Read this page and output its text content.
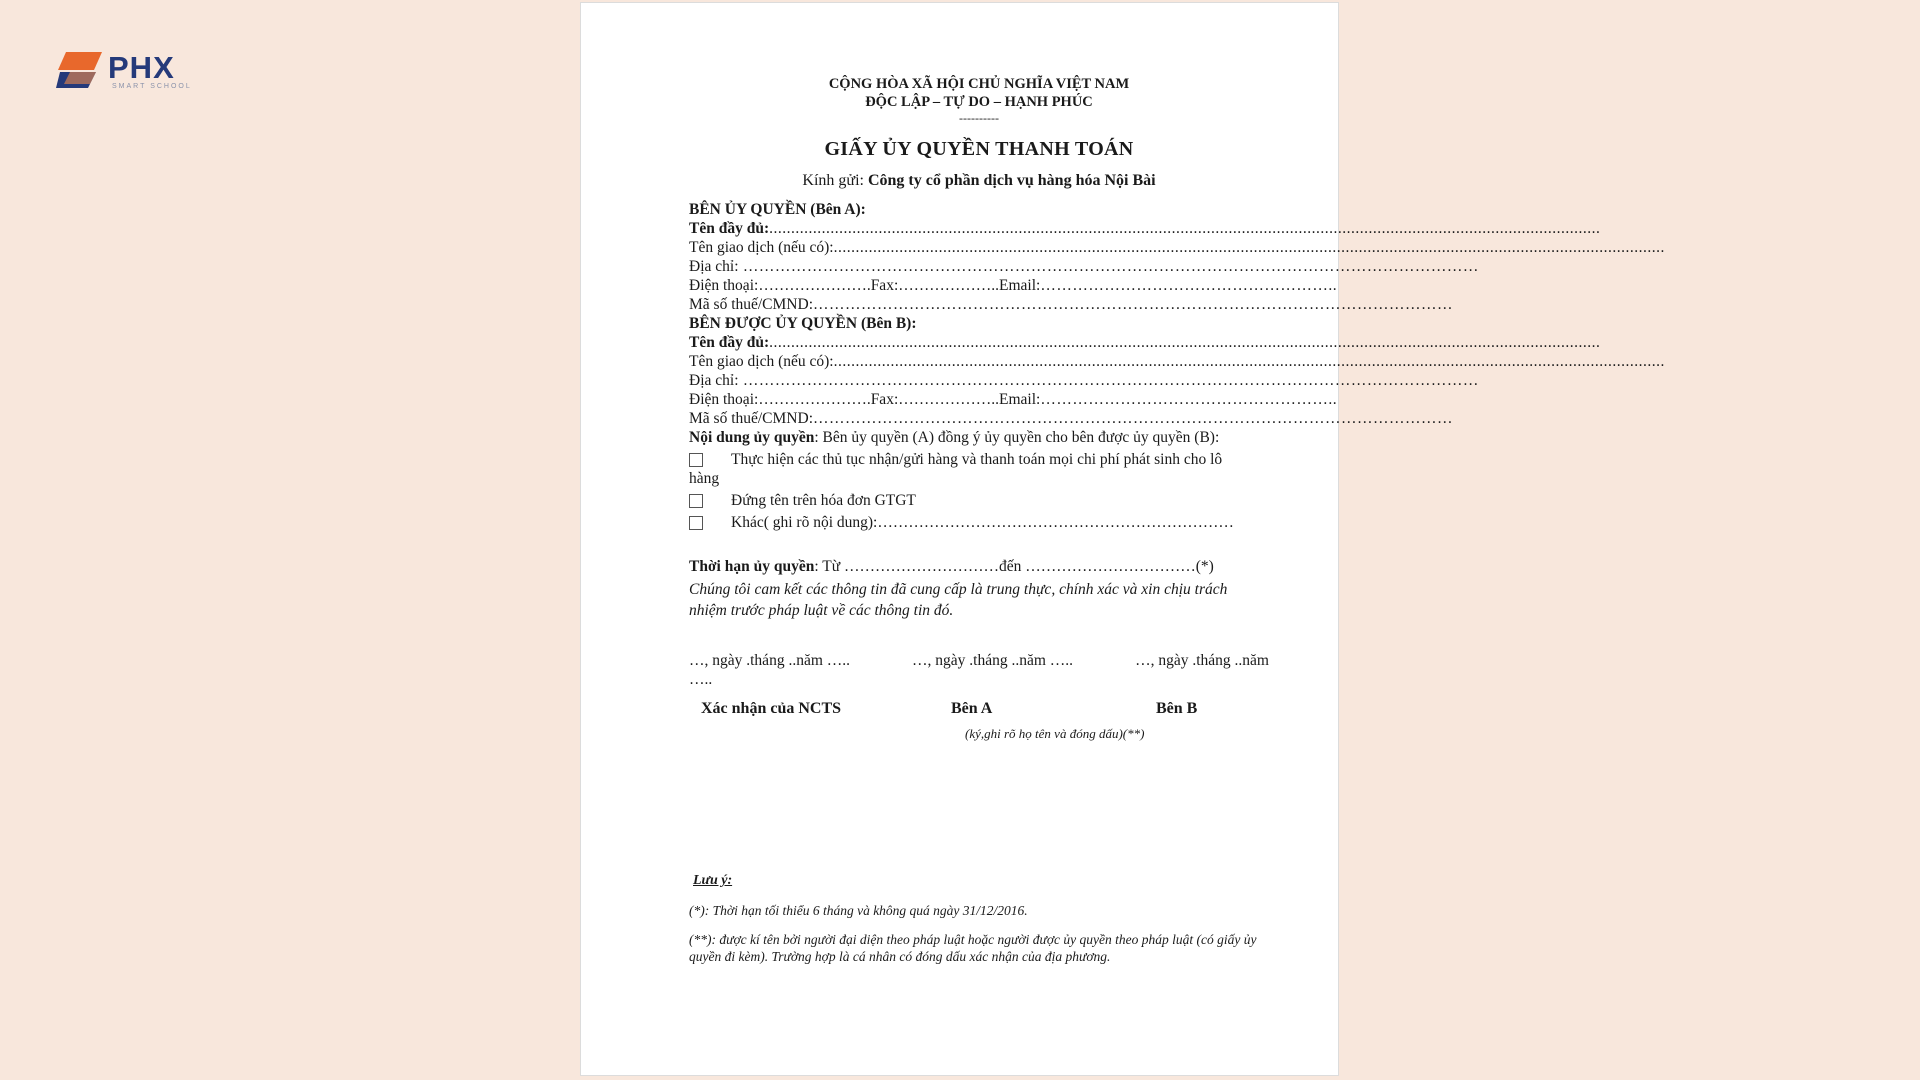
PHX
SMART SCHOOL	CỘNG HÒA XÃ HỘI CHỦ NGHĨA VIỆT NAM
ĐỘC LẬP – TỰ DO – HẠNH PHÚC
----------
GIẤY ỦY QUYỀN THANH TOÁN
Kính gửi: Công ty cổ phần dịch vụ hàng hóa Nội Bài
BÊN ỦY QUYỀN (Bên A):
Tên đầy đủ: ..............................................................................................................................................................................................
Tên giao dịch (nếu có): ..............................................................................................................................................................................................
Địa chỉ: …………………………………………………………………………………………………………………………
Điện thoại: …………………. Fax: ……………….. Email: ………………………………………………..
Mã số thuế/CMND: …………………………………………………………………………………………………………
BÊN ĐƯỢC ỦY QUYỀN (Bên B):
Tên đầy đủ: ..............................................................................................................................................................................................
Tên giao dịch (nếu có): ..............................................................................................................................................................................................
Địa chỉ: …………………………………………………………………………………………………………………………
Điện thoại: …………………. Fax: ……………….. Email: ………………………………………………..
Mã số thuế/CMND: …………………………………………………………………………………………………………
Nội dung ủy quyền: Bên ủy quyền (A) đồng ý ủy quyền cho bên được ủy quyền (B):
Thực hiện các thủ tục nhận/gửi hàng và thanh toán mọi chi phí phát sinh cho lô
hàng
Đứng tên trên hóa đơn GTGT
Khác( ghi rõ nội dung):……………………………………………………………
Thời hạn ủy quyền: Từ …………………………đến ……………………………(*)
Chúng tôi cam kết các thông tin đã cung cấp là trung thực, chính xác và xin chịu trách nhiệm trước pháp luật về các thông tin đó.
…, ngày .tháng ..năm …..	…, ngày .tháng ..năm …..	…, ngày .tháng ..năm
…..
Xác nhận của NCTS	Bên A	Bên B
(ký,ghi rõ họ tên và đóng dấu)(**)
Lưu ý:
(*): Thời hạn tối thiểu 6 tháng và không quá ngày 31/12/2016.
(**): được kí tên bởi người đại diện theo pháp luật hoặc người được ủy quyền theo pháp luật (có giấy ủy quyền đi kèm). Trường hợp là cá nhân có đóng dấu xác nhận của địa phương.
